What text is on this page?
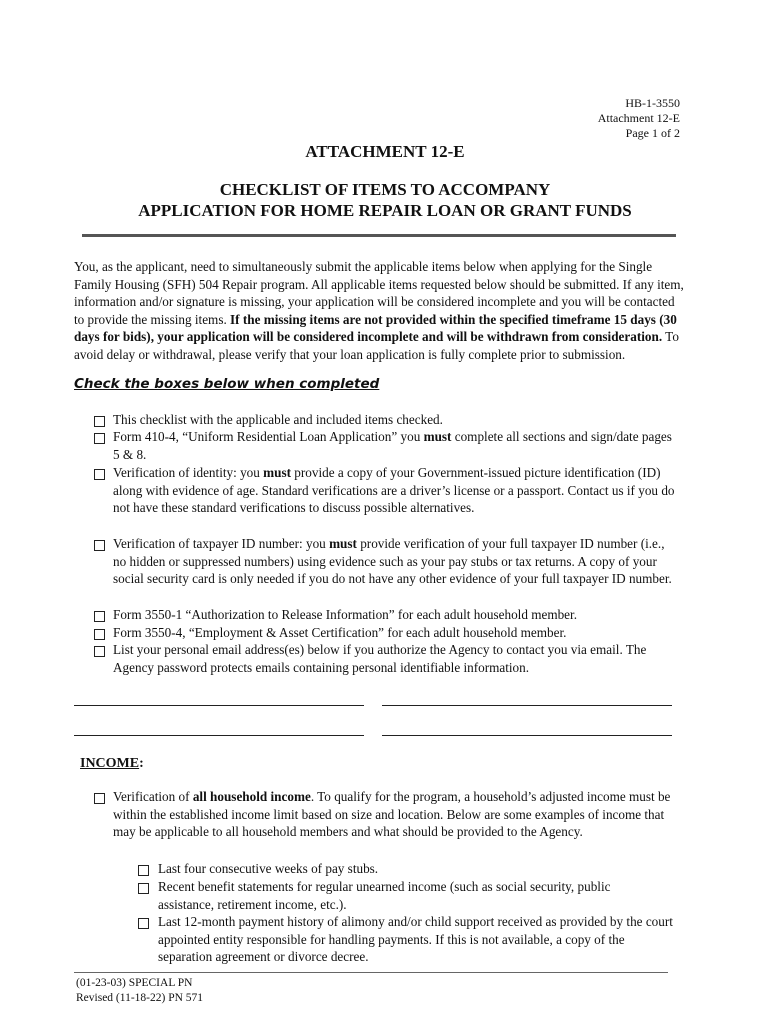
HB-1-3550
Attachment 12-E
Page 1 of 2
ATTACHMENT 12-E
CHECKLIST OF ITEMS TO ACCOMPANY
APPLICATION FOR HOME REPAIR LOAN OR GRANT FUNDS
You, as the applicant, need to simultaneously submit the applicable items below when applying for the Single Family Housing (SFH) 504 Repair program. All applicable items requested below should be submitted. If any item, information and/or signature is missing, your application will be considered incomplete and you will be contacted to provide the missing items. If the missing items are not provided within the specified timeframe 15 days (30 days for bids), your application will be considered incomplete and will be withdrawn from consideration. To avoid delay or withdrawal, please verify that your loan application is fully complete prior to submission.
Check the boxes below when completed
This checklist with the applicable and included items checked.
Form 410-4, “Uniform Residential Loan Application” you must complete all sections and sign/date pages 5 & 8.
Verification of identity: you must provide a copy of your Government-issued picture identification (ID) along with evidence of age. Standard verifications are a driver’s license or a passport. Contact us if you do not have these standard verifications to discuss possible alternatives.
Verification of taxpayer ID number: you must provide verification of your full taxpayer ID number (i.e., no hidden or suppressed numbers) using evidence such as your pay stubs or tax returns. A copy of your social security card is only needed if you do not have any other evidence of your full taxpayer ID number.
Form 3550-1 “Authorization to Release Information” for each adult household member.
Form 3550-4, “Employment & Asset Certification” for each adult household member.
List your personal email address(es) below if you authorize the Agency to contact you via email. The Agency password protects emails containing personal identifiable information.
INCOME:
Verification of all household income. To qualify for the program, a household’s adjusted income must be within the established income limit based on size and location. Below are some examples of income that may be applicable to all household members and what should be provided to the Agency.
Last four consecutive weeks of pay stubs.
Recent benefit statements for regular unearned income (such as social security, public assistance, retirement income, etc.).
Last 12-month payment history of alimony and/or child support received as provided by the court appointed entity responsible for handling payments. If this is not available, a copy of the separation agreement or divorce decree.
(01-23-03) SPECIAL PN
Revised (11-18-22) PN 571
